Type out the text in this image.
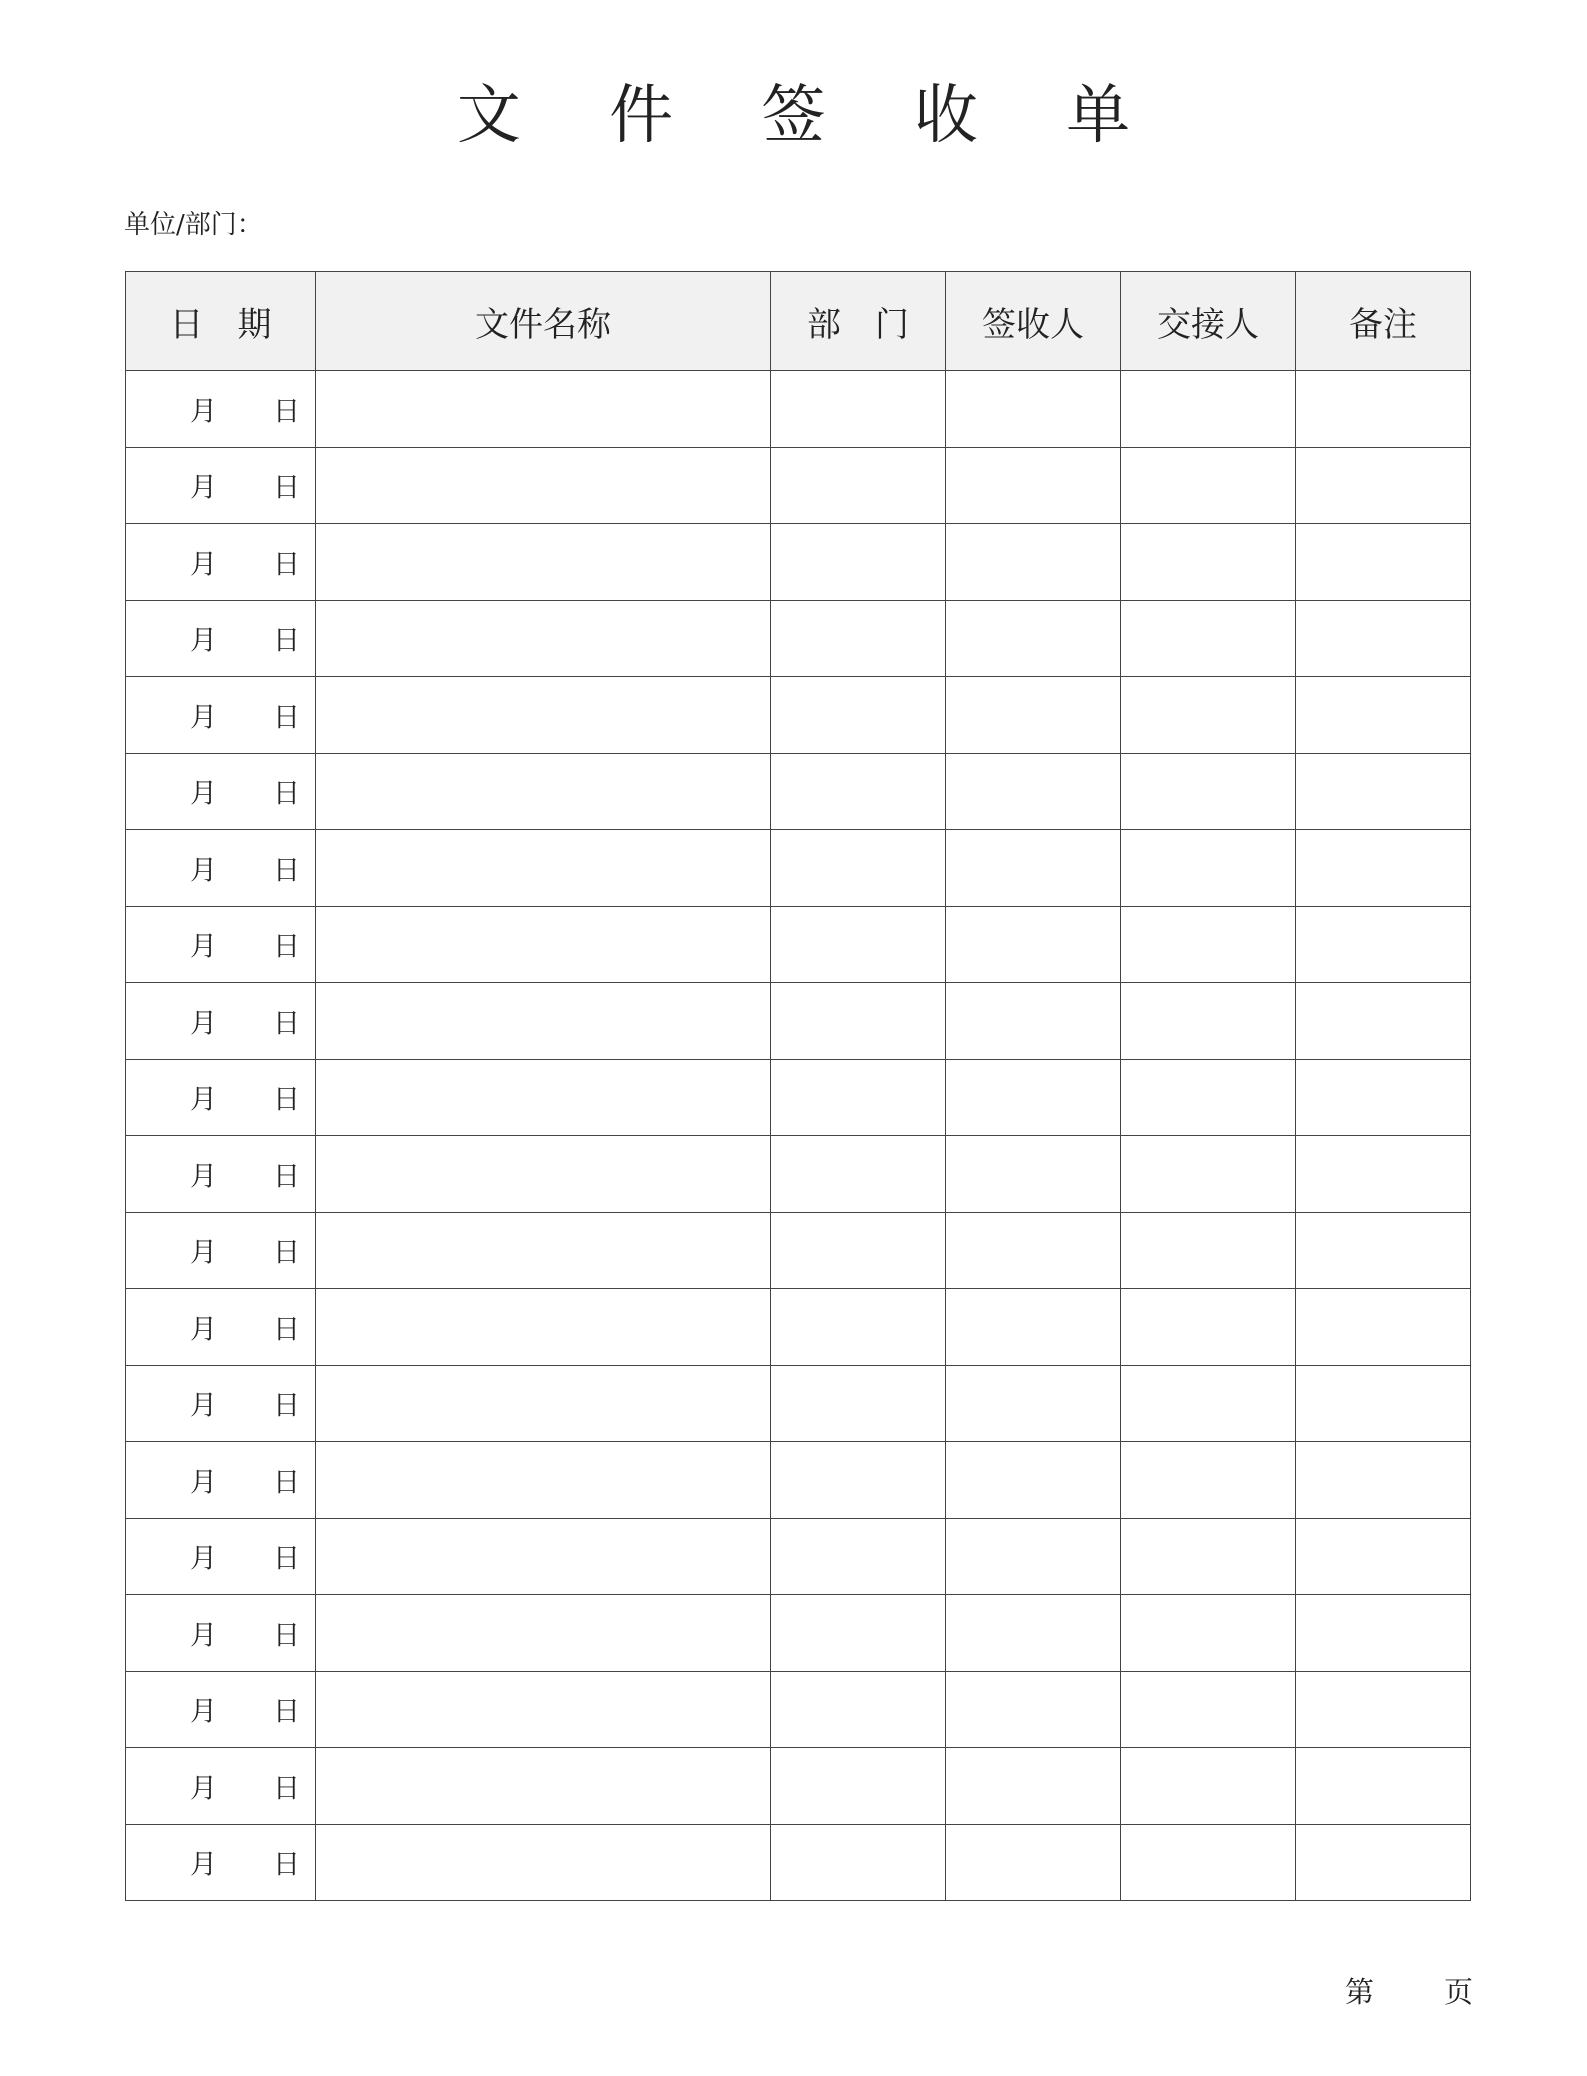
文 件 签 收 单
单位/部门：
日　期	文件名称	部　门	签收人	交接人	备注

月 日					

月 日					

月 日					

月 日					

月 日					

月 日					

月 日					

月 日					

月 日					

月 日					

月 日					

月 日					

月 日					

月 日					

月 日					

月 日					

月 日					

月 日					

月 日					

月 日					

第 页
